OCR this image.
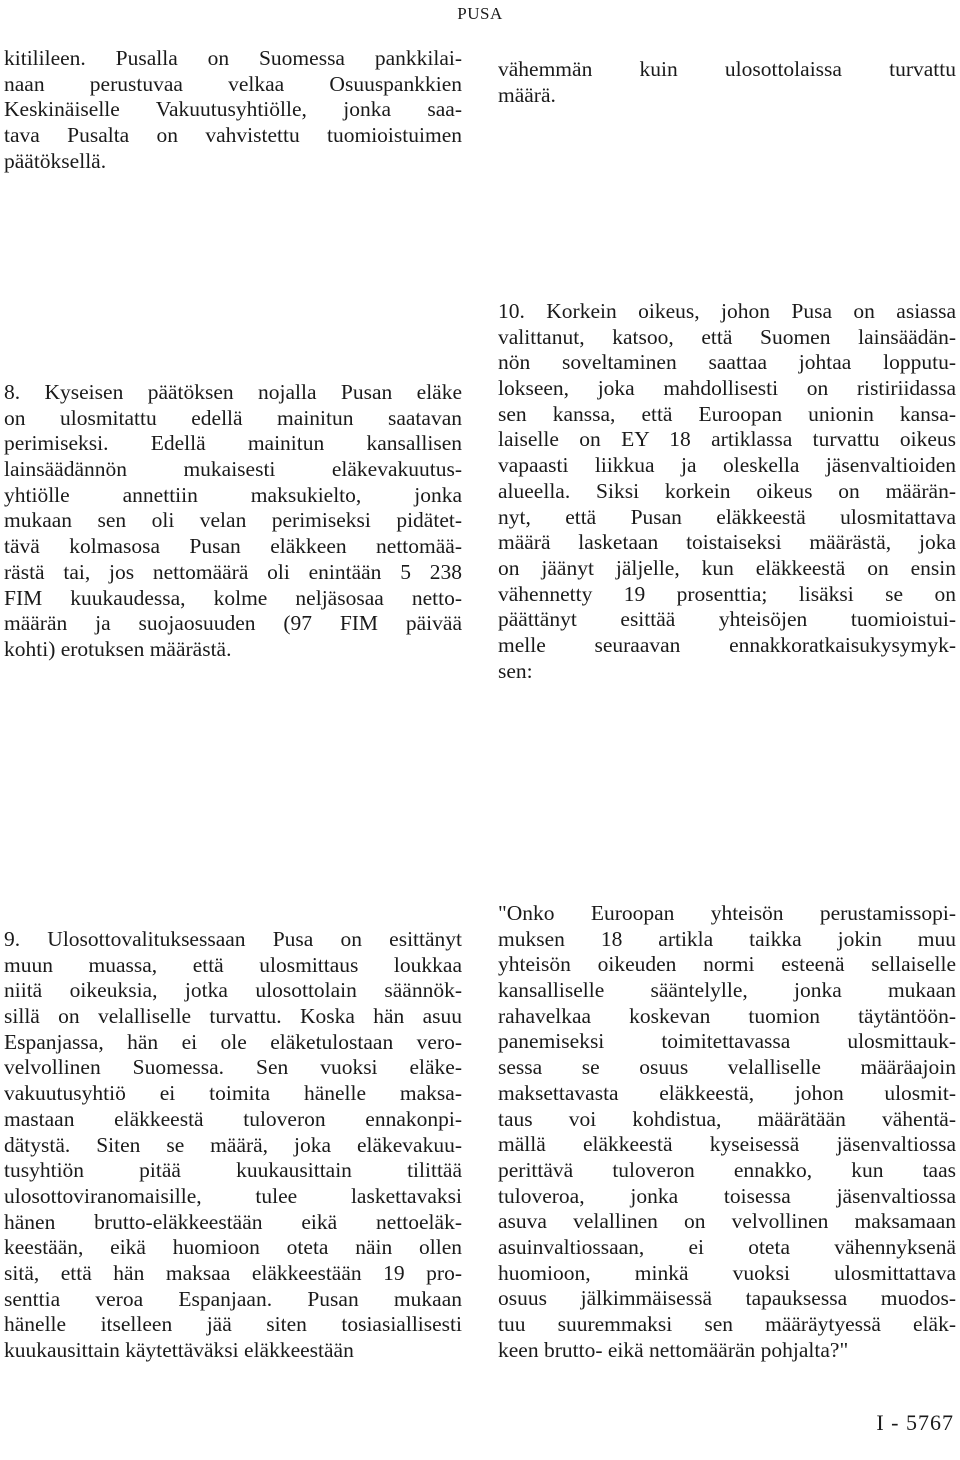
PUSA
kitilileen. Pusalla on Suomessa pankkilai-
naan perustuvaa velkaa Osuuspankkien
Keskinäiselle Vakuutusyhtiölle, jonka saa-
tava Pusalta on vahvistettu tuomioistuimen
päätöksellä.
vähemmän kuin ulosottolaissa turvattu
määrä.
8. Kyseisen päätöksen nojalla Pusan eläke
on ulosmitattu edellä mainitun saatavan
perimiseksi. Edellä mainitun kansallisen
lainsäädännön mukaisesti eläkevakuutus-
yhtiölle annettiin maksukielto, jonka
mukaan sen oli velan perimiseksi pidätet-
tävä kolmasosa Pusan eläkkeen nettomää-
rästä tai, jos nettomäärä oli enintään 5 238
FIM kuukaudessa, kolme neljäsosaa netto-
määrän ja suojaosuuden (97 FIM päivää
kohti) erotuksen määrästä.
10. Korkein oikeus, johon Pusa on asiassa
valittanut, katsoo, että Suomen lainsäädän-
nön soveltaminen saattaa johtaa lopputu-
lokseen, joka mahdollisesti on ristiriidassa
sen kanssa, että Euroopan unionin kansa-
laiselle on EY 18 artiklassa turvattu oikeus
vapaasti liikkua ja oleskella jäsenvaltioiden
alueella. Siksi korkein oikeus on määrän-
nyt, että Pusan eläkkeestä ulosmitattava
määrä lasketaan toistaiseksi määrästä, joka
on jäänyt jäljelle, kun eläkkeestä on ensin
vähennetty 19 prosenttia; lisäksi se on
päättänyt esittää yhteisöjen tuomioistui-
melle seuraavan ennakkoratkaisukysymyk-
sen:
9. Ulosottovalituksessaan Pusa on esittänyt
muun muassa, että ulosmittaus loukkaa
niitä oikeuksia, jotka ulosottolain säännök-
sillä on velalliselle turvattu. Koska hän asuu
Espanjassa, hän ei ole eläketulostaan vero-
velvollinen Suomessa. Sen vuoksi eläke-
vakuutusyhtiö ei toimita hänelle maksa-
mastaan eläkkeestä tuloveron ennakonpi-
dätystä. Siten se määrä, joka eläkevakuu-
tusyhtiön pitää kuukausittain tilittää
ulosottoviranomaisille, tulee laskettavaksi
hänen brutto-eläkkeestään eikä nettoeläk-
keestään, eikä huomioon oteta näin ollen
sitä, että hän maksaa eläkkeestään 19 pro-
senttia veroa Espanjaan. Pusan mukaan
hänelle itselleen jää siten tosiasiallisesti
kuukausittain käytettäväksi eläkkeestään
"Onko Euroopan yhteisön perustamissopi-
muksen 18 artikla taikka jokin muu
yhteisön oikeuden normi esteenä sellaiselle
kansalliselle sääntelylle, jonka mukaan
rahavelkaa koskevan tuomion täytäntöön-
panemiseksi toimitettavassa ulosmittauk-
sessa se osuus velalliselle määräajoin
maksettavasta eläkkeestä, johon ulosmit-
taus voi kohdistua, määrätään vähentä-
mällä eläkkeestä kyseisessä jäsenvaltiossa
perittävä tuloveron ennakko, kun taas
tuloveroa, jonka toisessa jäsenvaltiossa
asuva velallinen on velvollinen maksamaan
asuinvaltiossaan, ei oteta vähennyksenä
huomioon, minkä vuoksi ulosmittattava
osuus jälkimmäisessä tapauksessa muodos-
tuu suuremmaksi sen määräytyessä eläk-
keen brutto- eikä nettomäärän pohjalta?"
I - 5767
